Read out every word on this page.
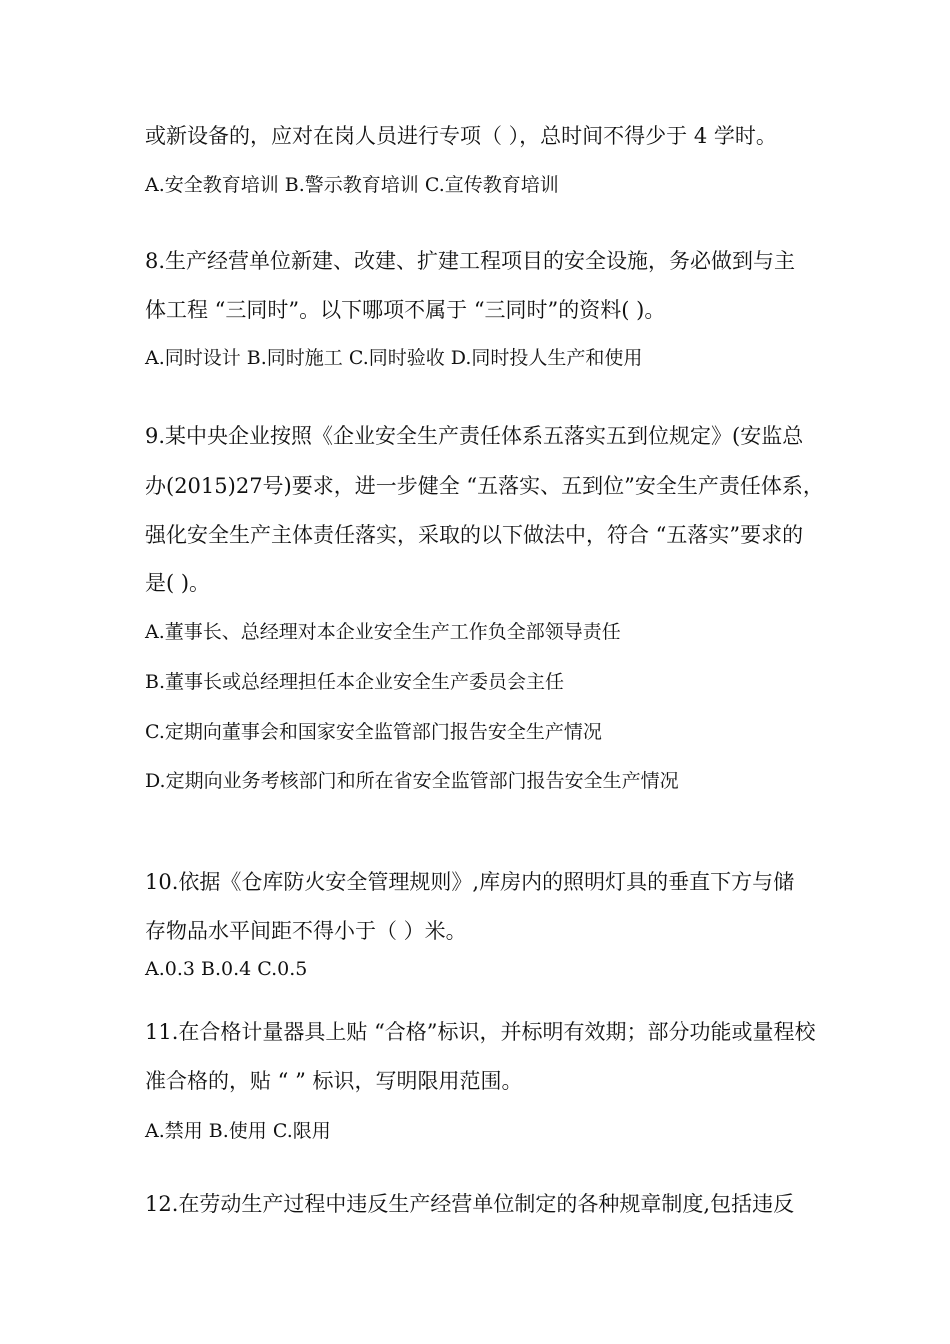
或新设备的，应对在岗人员进行专项（ ），总时间不得少于 4 学时。
A.安全教育培训 B.警示教育培训 C.宣传教育培训
8.生产经营单位新建、改建、扩建工程项目的安全设施，务必做到与主
体工程 “三同时”。以下哪项不属于 “三同时”的资料( )。
A.同时设计 B.同时施工 C.同时验收 D.同时投人生产和使用
9.某中央企业按照《企业安全生产责任体系五落实五到位规定》(安监总
办(2015)27号)要求，进一步健全 “五落实、五到位”安全生产责任体系，
强化安全生产主体责任落实，采取的以下做法中，符合 “五落实”要求的
是( )。
A.董事长、总经理对本企业安全生产工作负全部领导责任
B.董事长或总经理担任本企业安全生产委员会主任
C.定期向董事会和国家安全监管部门报告安全生产情况
D.定期向业务考核部门和所在省安全监管部门报告安全生产情况
10.依据《仓库防火安全管理规则》,库房内的照明灯具的垂直下方与储
存物品水平间距不得小于（ ）米。
A.0.3 B.0.4 C.0.5
11.在合格计量器具上贴 “合格”标识，并标明有效期；部分功能或量程校
准合格的，贴 “ ” 标识，写明限用范围。
A.禁用 B.使用 C.限用
12.在劳动生产过程中违反生产经营单位制定的各种规章制度,包括违反
